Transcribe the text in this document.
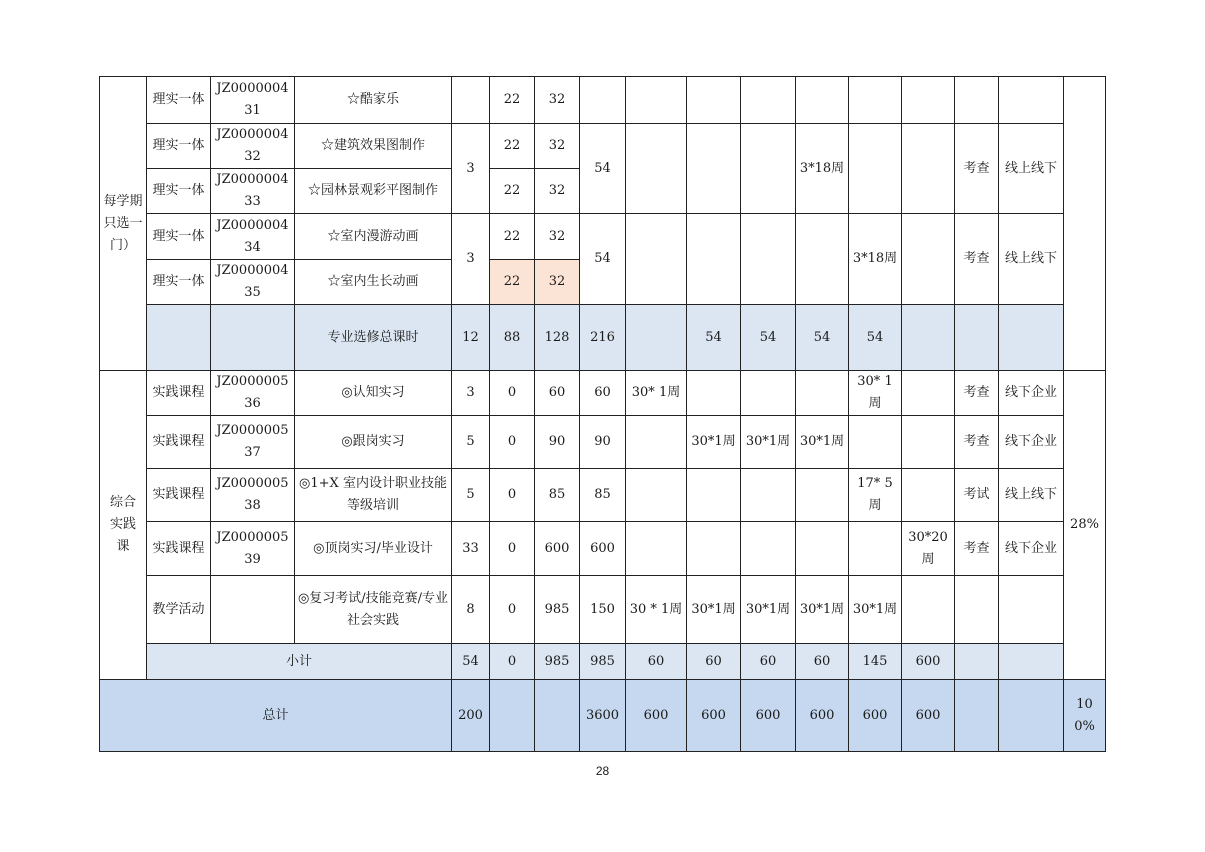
每学期只选一门）	理实一体	JZ000000431	☆酷家乐		22	32										
	理实一体	JZ000000432	☆建筑效果图制作	3	22	32	54				3*18周			考查	线上线下	
	理实一体	JZ000000433	☆园林景观彩平图制作		22	32										
	理实一体	JZ000000434	☆室内漫游动画	3	22	32	54					3*18周		考查	线上线下	
	理实一体	JZ000000435	☆室内生长动画		22	32										
			专业选修总课时	12	88	128	216		54	54	54	54				
综合实践课	实践课程	JZ000000536	◎认知实习	3	0	60	60	30* 1周				30* 1周		考查	线下企业	28%
	实践课程	JZ000000537	◎跟岗实习	5	0	90	90		30*1周	30*1周	30*1周			考查	线下企业	
	实践课程	JZ000000538	◎1+X 室内设计职业技能等级培训	5	0	85	85					17* 5周		考试	线上线下	
	实践课程	JZ000000539	◎顶岗实习/毕业设计	33	0	600	600						30*20周	考查	线下企业	
	教学活动		◎复习考试/技能竞赛/专业社会实践	8	0	985	150	30 * 1周	30*1周	30*1周	30*1周	30*1周				
	小计			54	0	985	985	60	60	60	60	145	600			
总计				200			3600	600	600	600	600	600	600			100%
28
